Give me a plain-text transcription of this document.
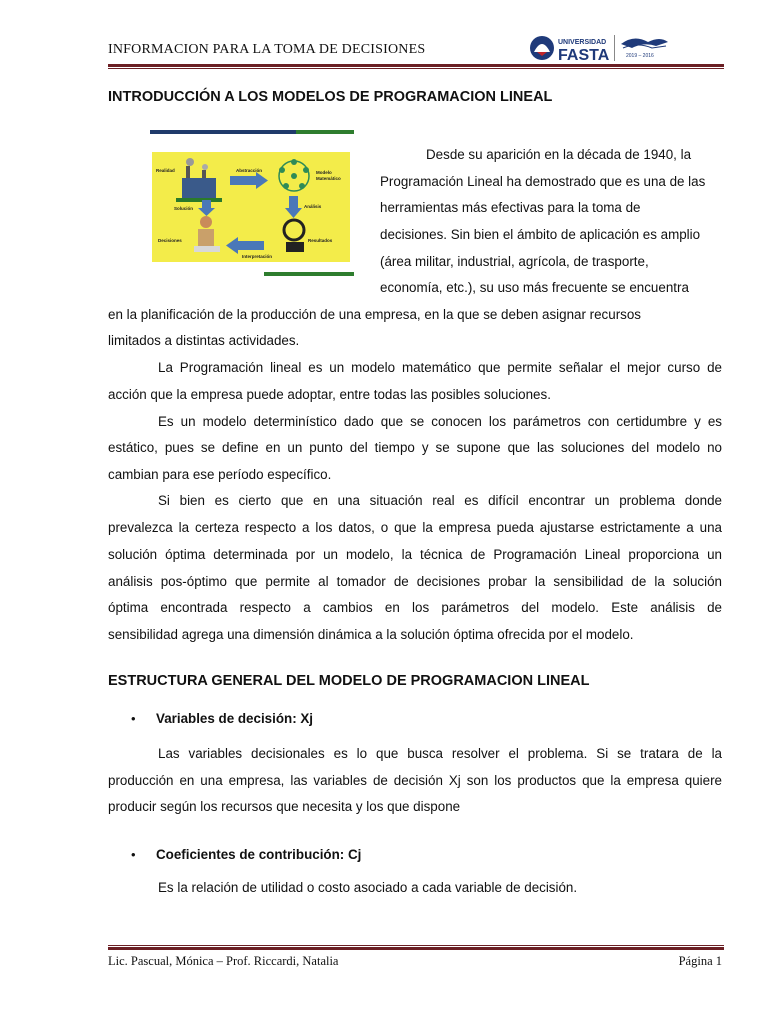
INFORMACION PARA LA TOMA DE DECISIONES	UNIVERSIDAD
FASTA	2019 – 2016
INTRODUCCIÓN A LOS MODELOS DE PROGRAMACION LINEAL
Realidad	Abstracción	Modelo
Matemático
Solución	Análisis
Decisiones	Resultados
Interpretación
Desde su aparición en la década de 1940, la
Programación Lineal ha demostrado que es una de las
herramientas más efectivas para la toma de
decisiones. Sin bien el ámbito de aplicación es amplio
(área militar, industrial, agrícola, de trasporte,
economía, etc.), su uso más frecuente se encuentra
en la planificación de la producción de una empresa, en la que se deben asignar recursos
limitados a distintas actividades.
La Programación lineal es un modelo matemático que permite señalar el mejor curso de
acción que la empresa puede adoptar, entre todas las posibles soluciones.
Es un modelo determinístico dado que se conocen los parámetros con certidumbre y es
estático, pues se define en un punto del tiempo y se supone que las soluciones del modelo no
cambian para ese período específico.
Si bien es cierto que en una situación real es difícil encontrar un problema donde
prevalezca la certeza respecto a los datos, o que la empresa pueda ajustarse estrictamente a una
solución óptima determinada por un modelo, la técnica de Programación Lineal proporciona un
análisis pos-óptimo que permite al tomador de decisiones probar la sensibilidad de la solución
óptima encontrada respecto a cambios en los parámetros del modelo. Este análisis de
sensibilidad agrega una dimensión dinámica a la solución óptima ofrecida por el modelo.
ESTRUCTURA GENERAL DEL MODELO DE PROGRAMACION LINEAL
• Variables de decisión: Xj
Las variables decisionales es lo que busca resolver el problema. Si se tratara de la
producción en una empresa, las variables de decisión Xj son los productos que la empresa quiere
producir según los recursos que necesita y los que dispone
• Coeficientes de contribución: Cj
Es la relación de utilidad o costo asociado a cada variable de decisión.
Lic. Pascual, Mónica – Prof. Riccardi, Natalia	Página 1
